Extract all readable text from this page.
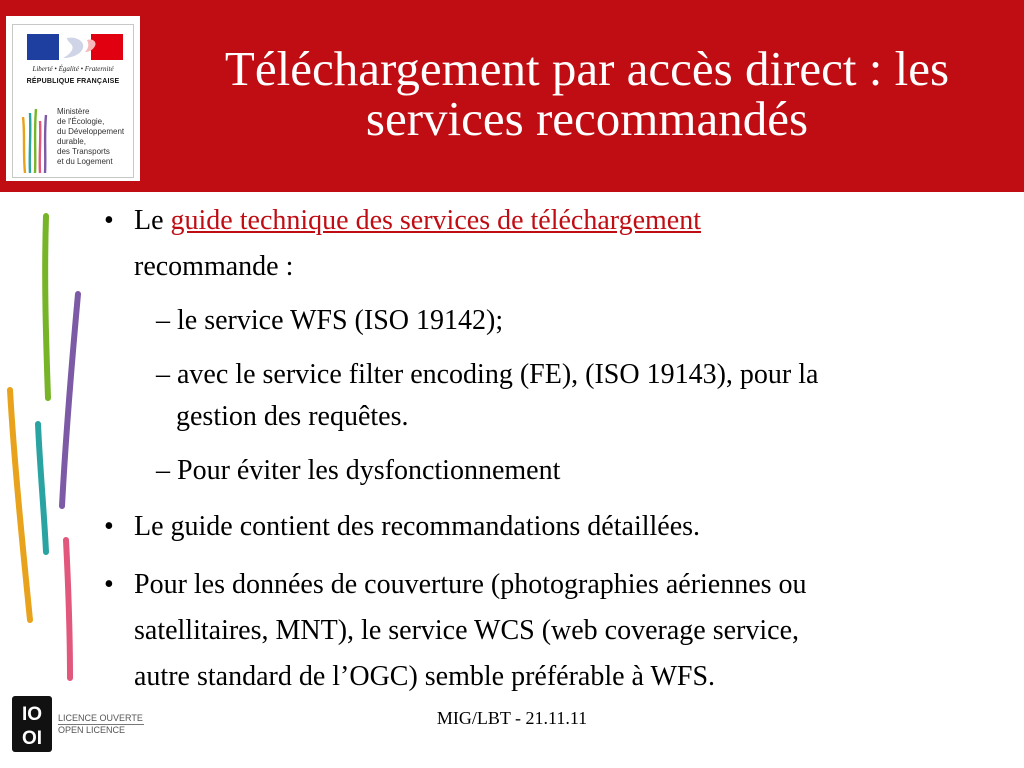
Liberté • Égalité • Fraternité
RÉPUBLIQUE FRANÇAISE
Ministère
de l'Écologie,
du Développement
durable,
des Transports
et du Logement
Téléchargement par accès direct : les
services recommandés
• Le guide technique des services de téléchargement
recommande :
– le service WFS (ISO 19142);
– avec le service filter encoding (FE), (ISO 19143), pour la
gestion des requêtes.
– Pour éviter les dysfonctionnement
• Le guide contient des recommandations détaillées.
• Pour les données de couverture (photographies aériennes ou
satellitaires, MNT), le service WCS (web coverage service,
autre standard de l’OGC) semble préférable à WFS.
IO
OI
LICENCE OUVERTE
OPEN LICENCE
MIG/LBT - 21.11.11
